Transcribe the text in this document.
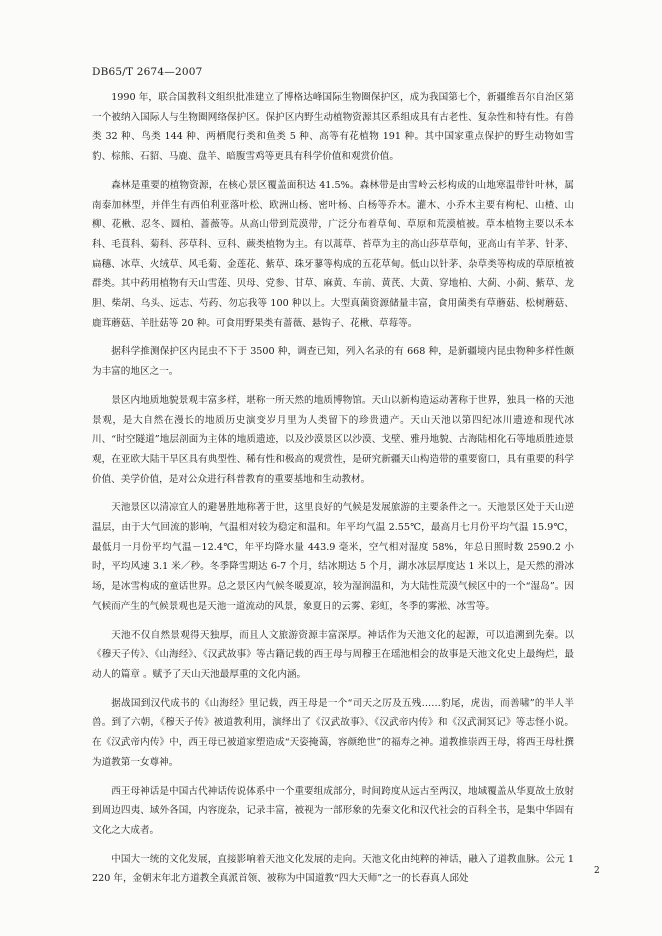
DB65/T 2674—2007

1990 年，联合国教科文组织批准建立了博格达峰国际生物圈保护区，成为我国第七个，新疆维吾尔自治区第一个被纳入国际人与生物圈网络保护区。保护区内野生动植物资源其区系组成具有古老性、复杂性和特有性。有兽类 32 种、鸟类 144 种、两栖爬行类和鱼类 5 种、高等有花植物 191 种。其中国家重点保护的野生动物如雪豹、棕熊、石貂、马鹿、盘羊、暗腹雪鸡等更具有科学价值和观赏价值。

森林是重要的植物资源，在核心景区覆盖面积达 41.5%。森林带是由雪岭云杉构成的山地寒温带针叶林，属南泰加林型，并伴生有西伯利亚落叶松、欧洲山杨、密叶杨、白杨等乔木。灌木、小乔木主要有枸杞、山楂、山柳、花楸、忍冬、圆柏、蔷薇等。从高山带到荒漠带，广泛分布着草甸、草原和荒漠植被。草本植物主要以禾本科、毛茛科、菊科、莎草科、豆科、蕨类植物为主。有以蒿草、苔草为主的高山莎草草甸，亚高山有羊茅、针茅、扁穗、冰草、火绒草、风毛菊、金莲花、紫草、珠牙蓼等构成的五花草甸。低山以针茅、杂草类等构成的草原植被群类。其中药用植物有天山雪莲、贝母、党参、甘草、麻黄、车前、黄芪、大黄、穿地柏、大蓟、小蓟、紫草、龙胆、柴胡、乌头、远志、芍药、勿忘我等 100 种以上。大型真菌资源储量丰富，食用菌类有草蘑菇、松树蘑菇、鹿茸蘑菇、羊肚菇等 20 种。可食用野果类有蔷薇、悬钩子、花楸、草莓等。

据科学推测保护区内昆虫不下于 3500 种，调查已知，列入名录的有 668 种，是新疆境内昆虫物种多样性颇为丰富的地区之一。

景区内地质地貌景观丰富多样，堪称一所天然的地质博物馆。天山以新构造运动著称于世界，独具一格的天池景观，是大自然在漫长的地质历史演变岁月里为人类留下的珍贵遗产。天山天池以第四纪冰川遗迹和现代冰川、“时空隧道”地层剖面为主体的地质遗迹，以及沙漠景区以沙漠、戈壁、雅丹地貌、古海陆相化石等地质胜迹景观，在亚欧大陆干旱区具有典型性、稀有性和极高的观赏性，是研究新疆天山构造带的重要窗口，具有重要的科学价值、美学价值，是对公众进行科普教育的重要基地和生动教材。

天池景区以清凉宜人的避暑胜地称著于世，这里良好的气候是发展旅游的主要条件之一。天池景区处于天山逆温层，由于大气回流的影响，气温相对较为稳定和温和。年平均气温 2.55℃，最高月七月份平均气温 15.9℃，最低月一月份平均气温－12.4℃，年平均降水量 443.9 毫米，空气相对湿度 58%，年总日照时数 2590.2 小时，平均风速 3.1 米／秒。冬季降雪期达 6-7 个月，结冰期达 5 个月，湖水冰层厚度达 1 米以上，是天然的滑冰场，是冰雪构成的童话世界。总之景区内气候冬暖夏凉，较为湿润温和，为大陆性荒漠气候区中的一个“湿岛”。因气候而产生的气候景观也是天池一道流动的风景，象夏日的云雾、彩虹，冬季的雾淞、冰雪等。

天池不仅自然景观得天独厚，而且人文旅游资源丰富深厚。神话作为天池文化的起源，可以追溯到先秦。以《穆天子传》、《山海经》、《汉武故事》等古籍记载的西王母与周穆王在瑶池相会的故事是天池文化史上最绚烂，最动人的篇章 。赋予了天山天池最厚重的文化内涵。

据战国到汉代成书的《山海经》里记载，西王母是一个“司天之厉及五残……豹尾，虎齿，而善啸”的半人半兽。到了六朝，《穆天子传》被道教利用，演绎出了《汉武故事》、《汉武帝内传》和《汉武洞冥记》等志怪小说。在《汉武帝内传》中，西王母已被道家塑造成“天姿掩蔼，容颜绝世”的福寿之神。道教推崇西王母，将西王母杜撰为道教第一女尊神。

西王母神话是中国古代神话传说体系中一个重要组成部分，时间跨度从远古至两汉，地域覆盖从华夏故土放射到周边四夷、域外各国，内容庞杂，记录丰富，被视为一部形象的先秦文化和汉代社会的百科全书，是集中华固有文化之大成者。

中国大一统的文化发展，直接影响着天池文化发展的走向。天池文化由纯粹的神话，融入了道教血脉。公元 1220 年，金朝末年北方道教全真派首领、被称为中国道教“四大天师”之一的长春真人邱处

2
